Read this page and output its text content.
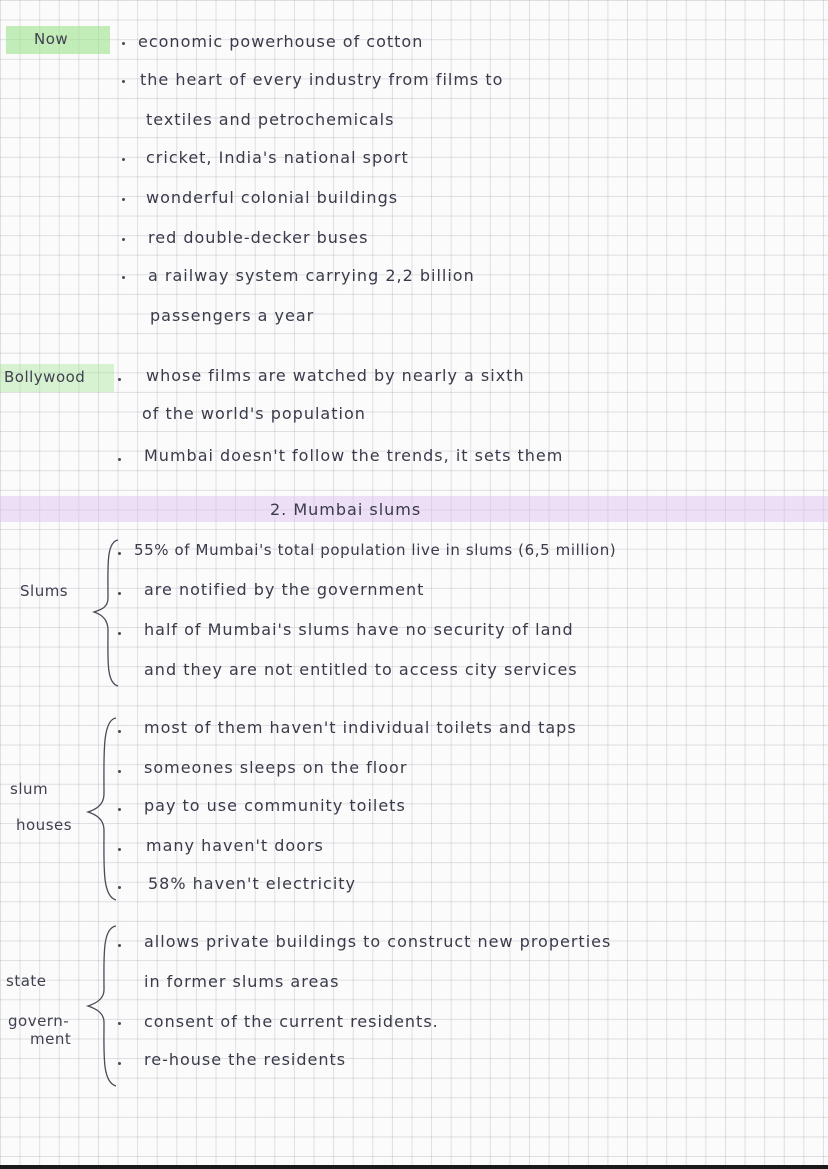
Now
Bollywood
Slums
slum
houses
state
govern-
ment
economic powerhouse of cotton
the heart of every industry from films to
textiles and petrochemicals
cricket, India's national sport
wonderful colonial buildings
red double-decker buses
a railway system carrying 2,2 billion
passengers a year
whose films are watched by nearly a sixth
of the world's population
Mumbai doesn't follow the trends, it sets them
2. Mumbai slums
55% of Mumbai's total population live in slums (6,5 million)
are notified by the government
half of Mumbai's slums have no security of land
and they are not entitled to access city services
most of them haven't individual toilets and taps
someones sleeps on the floor
pay to use community toilets
many haven't doors
58% haven't electricity
allows private buildings to construct new properties
in former slums areas
consent of the current residents.
re-house the residents
